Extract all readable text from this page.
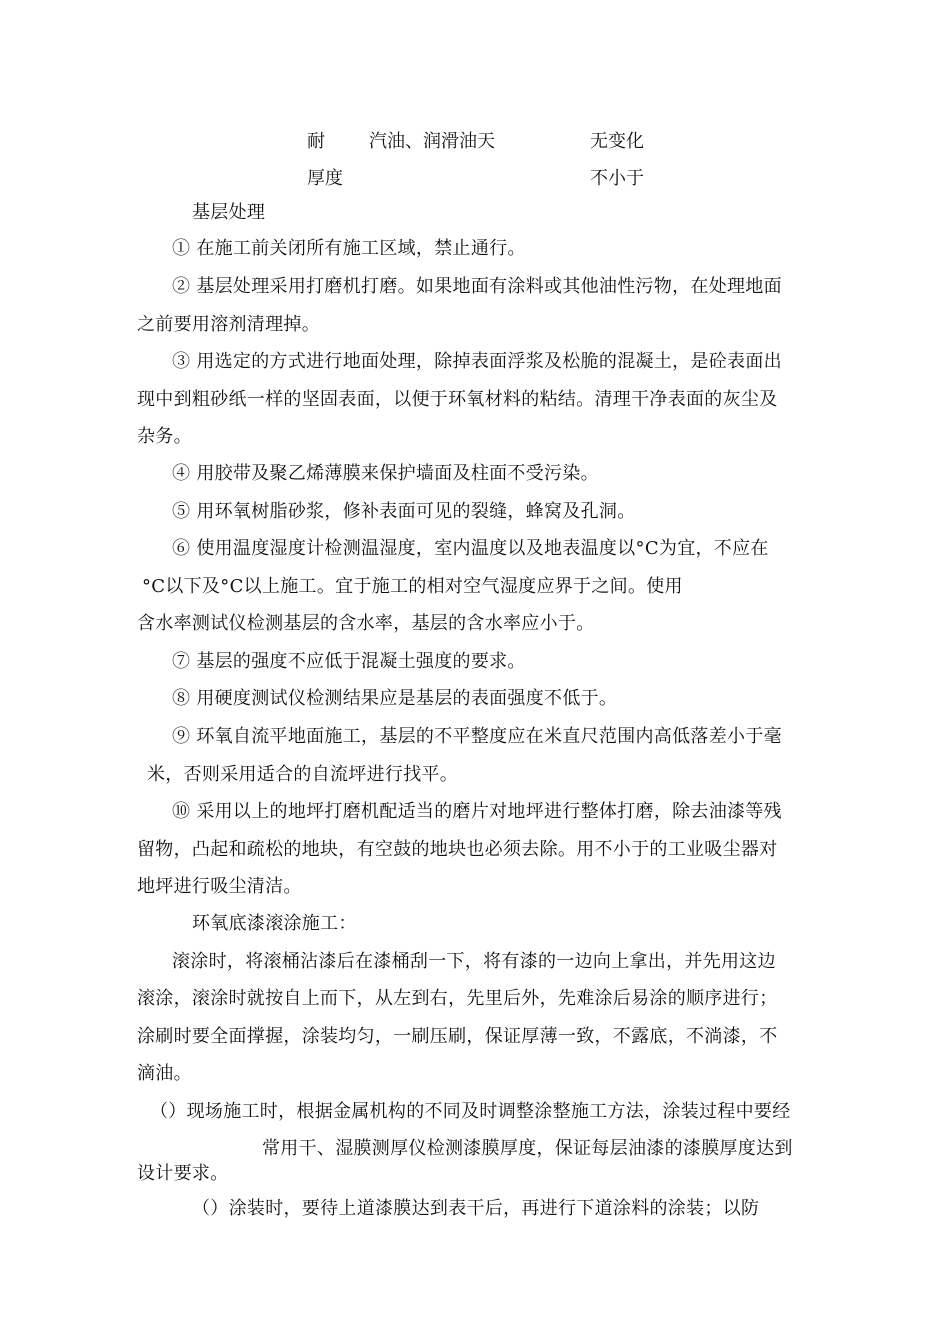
耐 汽油、润滑油天	无变化
厚度	不小于
基层处理
① 在施工前关闭所有施工区域，禁止通行。
② 基层处理采用打磨机打磨。如果地面有涂料或其他油性污物，在处理地面
之前要用溶剂清理掉。
③ 用选定的方式进行地面处理，除掉表面浮浆及松脆的混凝土，是砼表面出
现中到粗砂纸一样的坚固表面，以便于环氧材料的粘结。清理干净表面的灰尘及
杂务。
④ 用胶带及聚乙烯薄膜来保护墙面及柱面不受污染。
⑤ 用环氧树脂砂浆，修补表面可见的裂缝，蜂窝及孔洞。
⑥ 使用温度湿度计检测温湿度，室内温度以及地表温度以°C为宜，不应在
°C以下及°C以上施工。宜于施工的相对空气湿度应界于之间。使用
含水率测试仪检测基层的含水率，基层的含水率应小于。
⑦ 基层的强度不应低于混凝土强度的要求。
⑧ 用硬度测试仪检测结果应是基层的表面强度不低于。
⑨ 环氧自流平地面施工，基层的不平整度应在米直尺范围内高低落差小于毫
米，否则采用适合的自流坪进行找平。
⑩ 采用以上的地坪打磨机配适当的磨片对地坪进行整体打磨，除去油漆等残
留物，凸起和疏松的地块，有空鼓的地块也必须去除。用不小于的工业吸尘器对
地坪进行吸尘清洁。
环氧底漆滚涂施工：
滚涂时，将滚桶沾漆后在漆桶刮一下，将有漆的一边向上拿出，并先用这边
滚涂，滚涂时就按自上而下，从左到右，先里后外，先难涂后易涂的顺序进行；
涂刷时要全面撑握，涂装均匀，一刷压刷，保证厚薄一致，不露底，不淌漆，不
滴油。
（）现场施工时，根据金属机构的不同及时调整涂整施工方法，涂装过程中要经
常用干、湿膜测厚仪检测漆膜厚度，保证每层油漆的漆膜厚度达到
设计要求。
（）涂装时，要待上道漆膜达到表干后，再进行下道涂料的涂装；以防
